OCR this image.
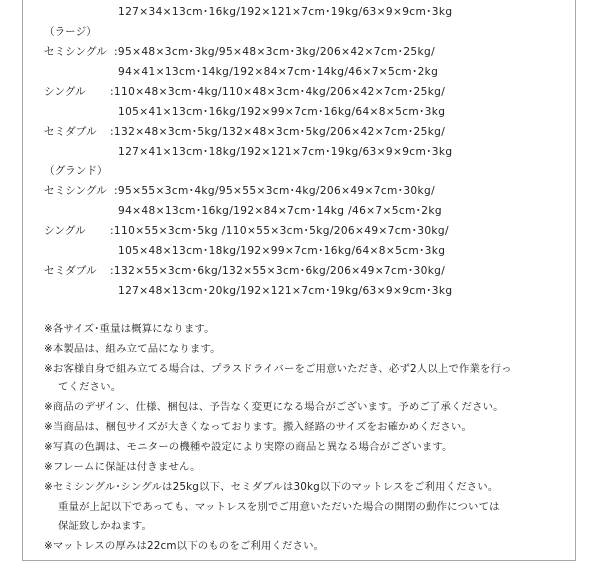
127×34×13cm･16kg/192×121×7cm･19kg/63×9×9cm･3kg
（ラージ）
セミシングル :95×48×3cm･3kg/95×48×3cm･3kg/206×42×7cm･25kg/
94×41×13cm･14kg/192×84×7cm･14kg/46×7×5cm･2kg
シングル :110×48×3cm･4kg/110×48×3cm･4kg/206×42×7cm･25kg/
105×41×13cm･16kg/192×99×7cm･16kg/64×8×5cm･3kg
セミダブル :132×48×3cm･5kg/132×48×3cm･5kg/206×42×7cm･25kg/
127×41×13cm･18kg/192×121×7cm･19kg/63×9×9cm･3kg
（グランド）
セミシングル :95×55×3cm･4kg/95×55×3cm･4kg/206×49×7cm･30kg/
94×48×13cm･16kg/192×84×7cm･14kg /46×7×5cm･2kg
シングル :110×55×3cm･5kg /110×55×3cm･5kg/206×49×7cm･30kg/
105×48×13cm･18kg/192×99×7cm･16kg/64×8×5cm･3kg
セミダブル :132×55×3cm･6kg/132×55×3cm･6kg/206×49×7cm･30kg/
127×48×13cm･20kg/192×121×7cm･19kg/63×9×9cm･3kg
※各サイズ･重量は概算になります。
※本製品は、組み立て品になります。
※お客様自身で組み立てる場合は、プラスドライバーをご用意いただき、必ず2人以上で作業を行っ
てください。
※商品のデザイン、仕様、梱包は、予告なく変更になる場合がございます。予めご了承ください。
※当商品は、梱包サイズが大きくなっております。搬入経路のサイズをお確かめください。
※写真の色調は、モニターの機種や設定により実際の商品と異なる場合がございます。
※フレームに保証は付きません。
※セミシングル･シングルは25kg以下、セミダブルは30kg以下のマットレスをご利用ください。
重量が上記以下であっても、マットレスを別でご用意いただいた場合の開閉の動作については
保証致しかねます。
※マットレスの厚みは22cm以下のものをご利用ください。
